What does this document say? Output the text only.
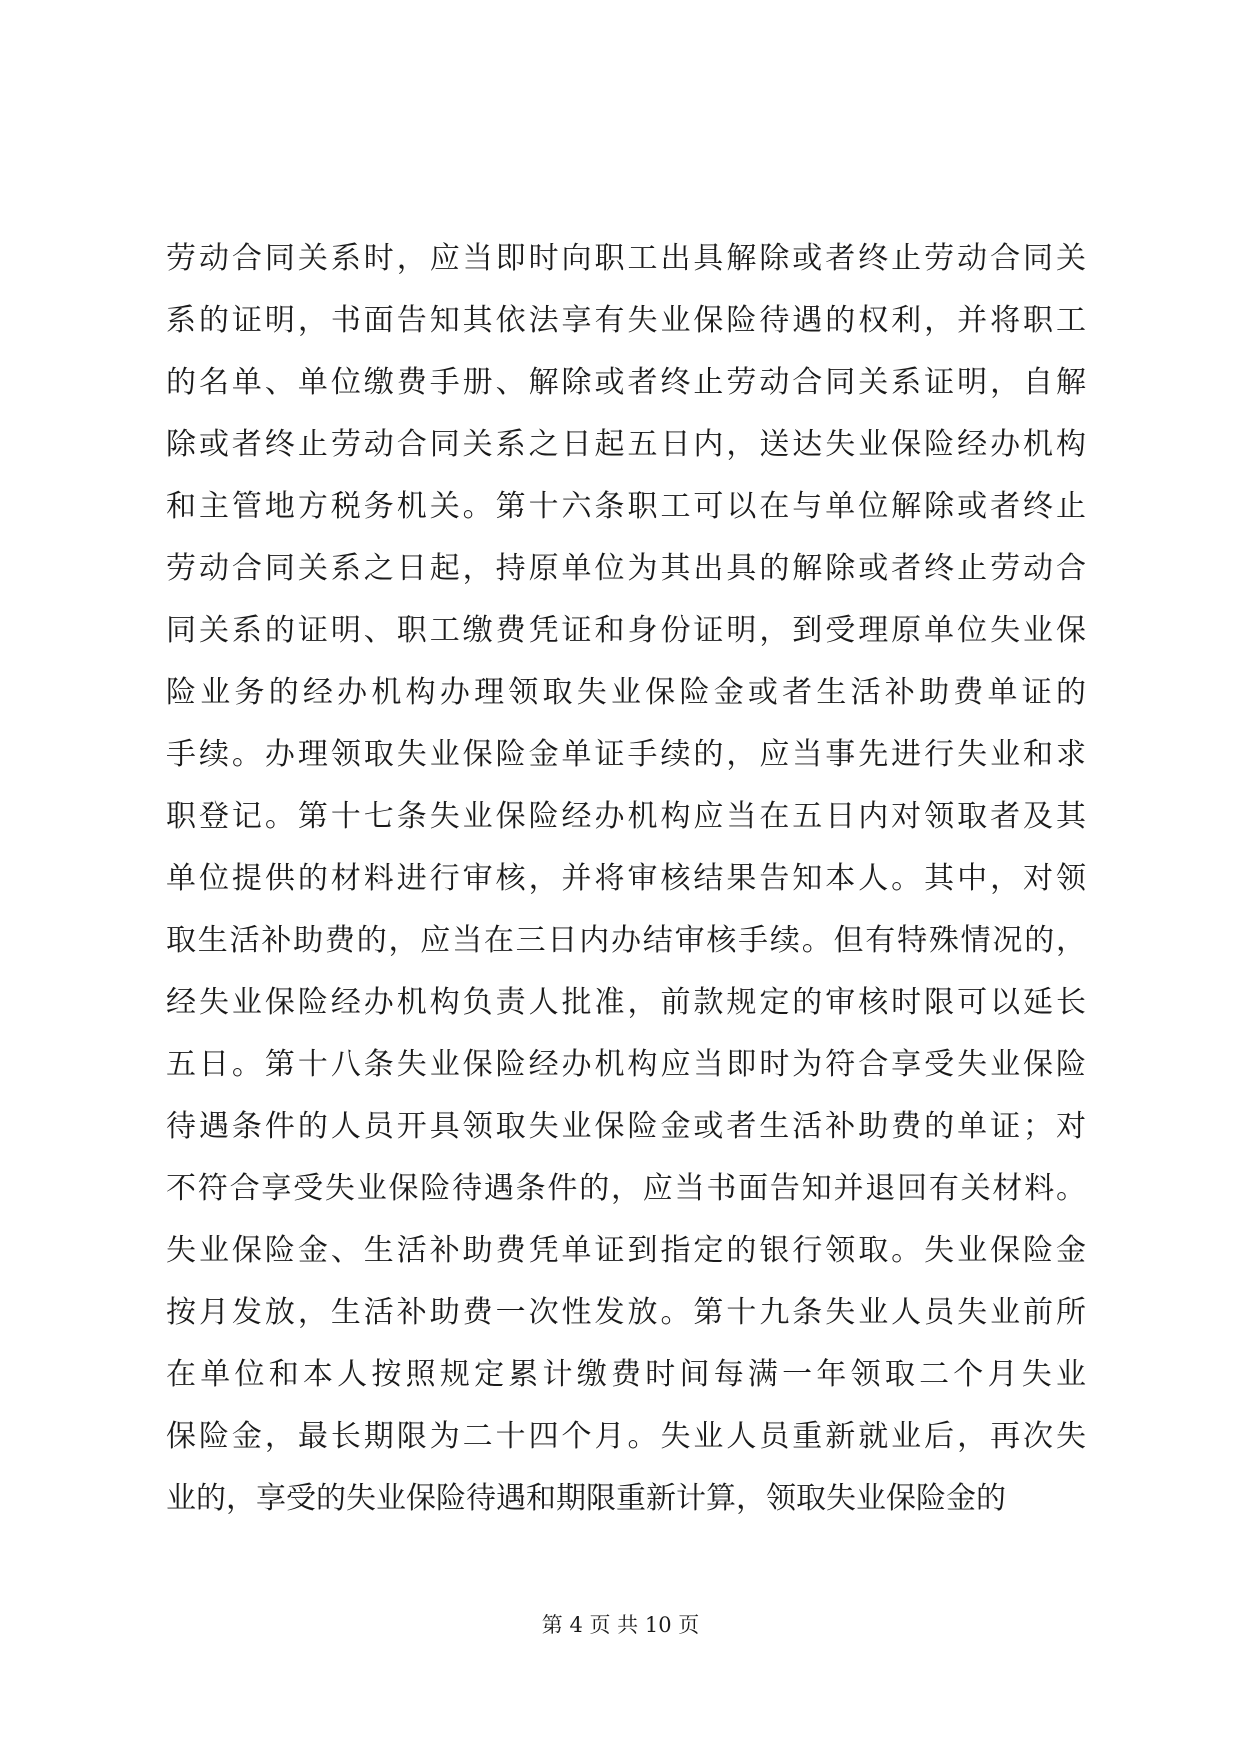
劳动合同关系时，应当即时向职工出具解除或者终止劳动合同关
系的证明，书面告知其依法享有失业保险待遇的权利，并将职工
的名单、单位缴费手册、解除或者终止劳动合同关系证明，自解
除或者终止劳动合同关系之日起五日内，送达失业保险经办机构
和主管地方税务机关。第十六条职工可以在与单位解除或者终止
劳动合同关系之日起，持原单位为其出具的解除或者终止劳动合
同关系的证明、职工缴费凭证和身份证明，到受理原单位失业保
险业务的经办机构办理领取失业保险金或者生活补助费单证的
手续。办理领取失业保险金单证手续的，应当事先进行失业和求
职登记。第十七条失业保险经办机构应当在五日内对领取者及其
单位提供的材料进行审核，并将审核结果告知本人。其中，对领
取生活补助费的，应当在三日内办结审核手续。但有特殊情况的，
经失业保险经办机构负责人批准，前款规定的审核时限可以延长
五日。第十八条失业保险经办机构应当即时为符合享受失业保险
待遇条件的人员开具领取失业保险金或者生活补助费的单证；对
不符合享受失业保险待遇条件的，应当书面告知并退回有关材料。
失业保险金、生活补助费凭单证到指定的银行领取。失业保险金
按月发放，生活补助费一次性发放。第十九条失业人员失业前所
在单位和本人按照规定累计缴费时间每满一年领取二个月失业
保险金，最长期限为二十四个月。失业人员重新就业后，再次失
业的，享受的失业保险待遇和期限重新计算，领取失业保险金的
第 4 页 共 10 页
